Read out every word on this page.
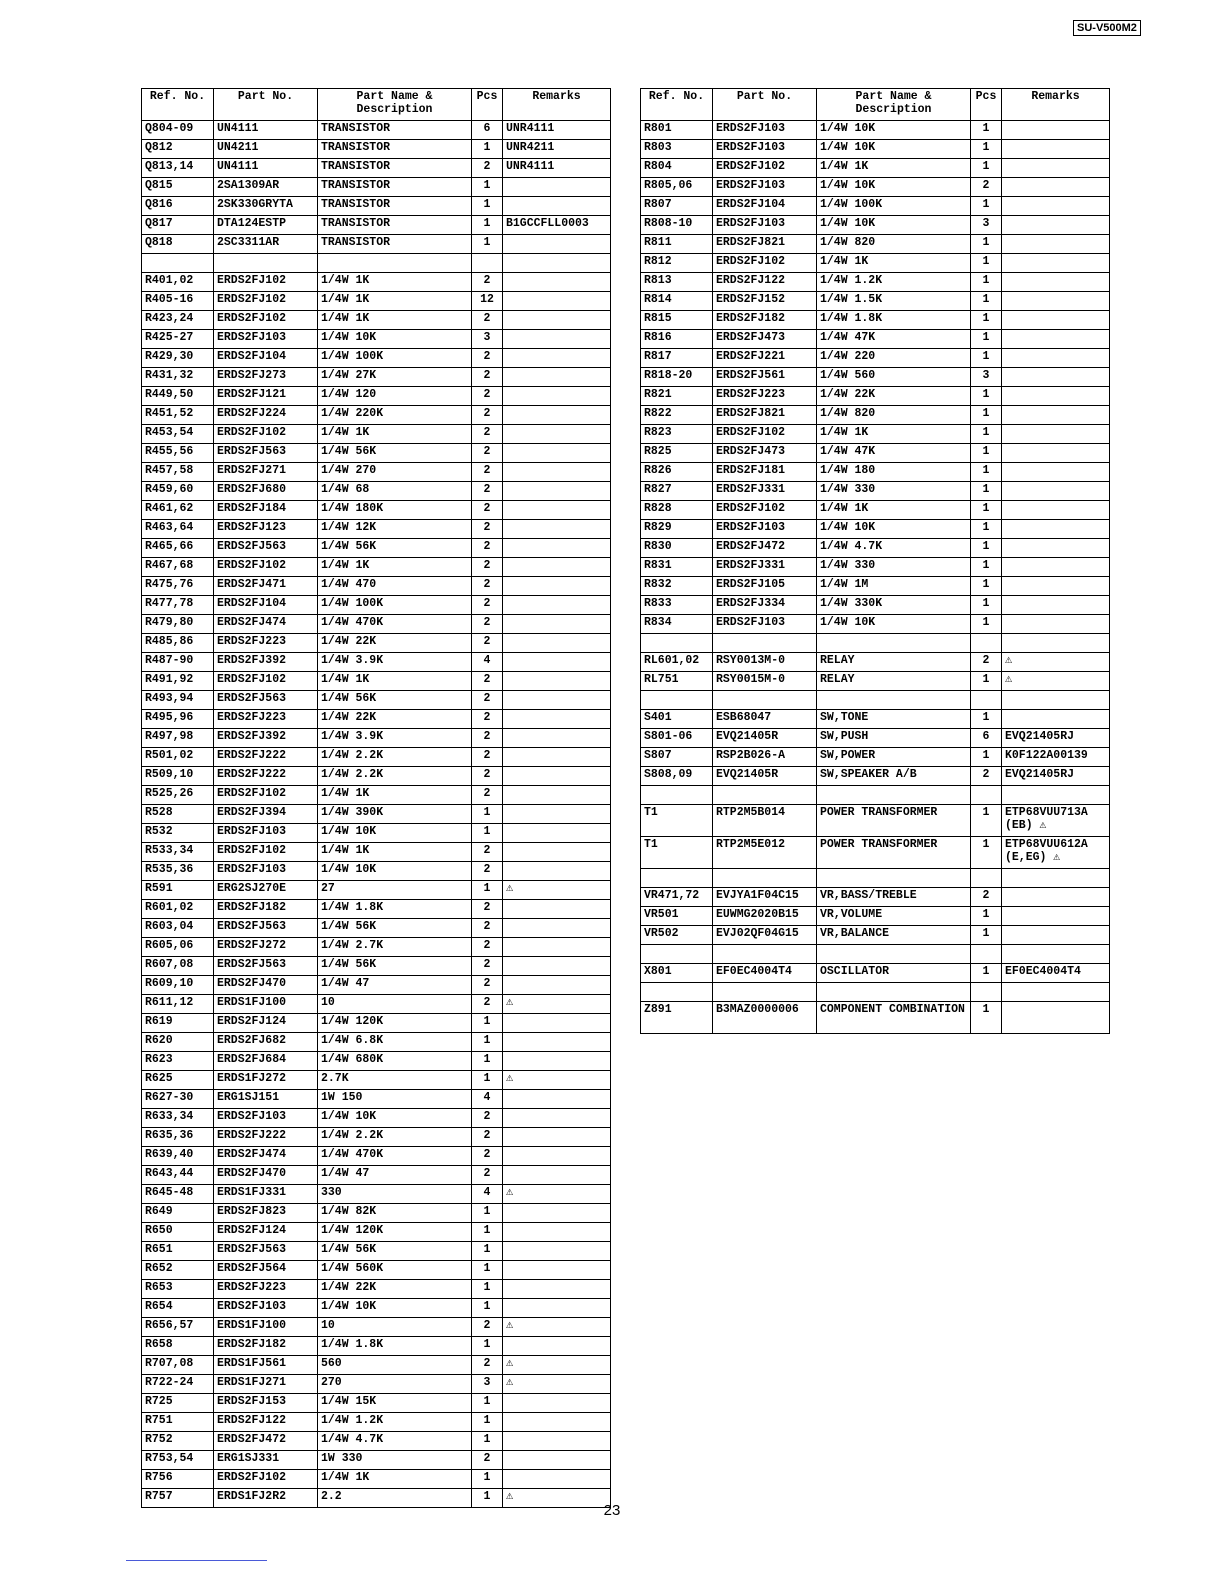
SU-V500M2
Ref. No.	Part No.	Part Name & Description	Pcs	Remarks
Q804-09	UN4111	TRANSISTOR	6	UNR4111
Q812	UN4211	TRANSISTOR	1	UNR4211
Q813,14	UN4111	TRANSISTOR	2	UNR4111
Q815	2SA1309AR	TRANSISTOR	1	
Q816	2SK330GRYTA	TRANSISTOR	1	
Q817	DTA124ESTP	TRANSISTOR	1	B1GCCFLL0003
Q818	2SC3311AR	TRANSISTOR	1	

R401,02	ERDS2FJ102	1/4W 1K	2	
R405-16	ERDS2FJ102	1/4W 1K	12	
R423,24	ERDS2FJ102	1/4W 1K	2	
R425-27	ERDS2FJ103	1/4W 10K	3	
R429,30	ERDS2FJ104	1/4W 100K	2	
R431,32	ERDS2FJ273	1/4W 27K	2	
R449,50	ERDS2FJ121	1/4W 120	2	
R451,52	ERDS2FJ224	1/4W 220K	2	
R453,54	ERDS2FJ102	1/4W 1K	2	
R455,56	ERDS2FJ563	1/4W 56K	2	
R457,58	ERDS2FJ271	1/4W 270	2	
R459,60	ERDS2FJ680	1/4W 68	2	
R461,62	ERDS2FJ184	1/4W 180K	2	
R463,64	ERDS2FJ123	1/4W 12K	2	
R465,66	ERDS2FJ563	1/4W 56K	2	
R467,68	ERDS2FJ102	1/4W 1K	2	
R475,76	ERDS2FJ471	1/4W 470	2	
R477,78	ERDS2FJ104	1/4W 100K	2	
R479,80	ERDS2FJ474	1/4W 470K	2	
R485,86	ERDS2FJ223	1/4W 22K	2	
R487-90	ERDS2FJ392	1/4W 3.9K	4	
R491,92	ERDS2FJ102	1/4W 1K	2	
R493,94	ERDS2FJ563	1/4W 56K	2	
R495,96	ERDS2FJ223	1/4W 22K	2	
R497,98	ERDS2FJ392	1/4W 3.9K	2	
R501,02	ERDS2FJ222	1/4W 2.2K	2	
R509,10	ERDS2FJ222	1/4W 2.2K	2	
R525,26	ERDS2FJ102	1/4W 1K	2	
R528	ERDS2FJ394	1/4W 390K	1	
R532	ERDS2FJ103	1/4W 10K	1	
R533,34	ERDS2FJ102	1/4W 1K	2	
R535,36	ERDS2FJ103	1/4W 10K	2	
R591	ERG2SJ270E	27	1	⚠
R601,02	ERDS2FJ182	1/4W 1.8K	2	
R603,04	ERDS2FJ563	1/4W 56K	2	
R605,06	ERDS2FJ272	1/4W 2.7K	2	
R607,08	ERDS2FJ563	1/4W 56K	2	
R609,10	ERDS2FJ470	1/4W 47	2	
R611,12	ERDS1FJ100	10	2	⚠
R619	ERDS2FJ124	1/4W 120K	1	
R620	ERDS2FJ682	1/4W 6.8K	1	
R623	ERDS2FJ684	1/4W 680K	1	
R625	ERDS1FJ272	2.7K	1	⚠
R627-30	ERG1SJ151	1W 150	4	
R633,34	ERDS2FJ103	1/4W 10K	2	
R635,36	ERDS2FJ222	1/4W 2.2K	2	
R639,40	ERDS2FJ474	1/4W 470K	2	
R643,44	ERDS2FJ470	1/4W 47	2	
R645-48	ERDS1FJ331	330	4	⚠
R649	ERDS2FJ823	1/4W 82K	1	
R650	ERDS2FJ124	1/4W 120K	1	
R651	ERDS2FJ563	1/4W 56K	1	
R652	ERDS2FJ564	1/4W 560K	1	
R653	ERDS2FJ223	1/4W 22K	1	
R654	ERDS2FJ103	1/4W 10K	1	
R656,57	ERDS1FJ100	10	2	⚠
R658	ERDS2FJ182	1/4W 1.8K	1	
R707,08	ERDS1FJ561	560	2	⚠
R722-24	ERDS1FJ271	270	3	⚠
R725	ERDS2FJ153	1/4W 15K	1	
R751	ERDS2FJ122	1/4W 1.2K	1	
R752	ERDS2FJ472	1/4W 4.7K	1	
R753,54	ERG1SJ331	1W 330	2	
R756	ERDS2FJ102	1/4W 1K	1	
R757	ERDS1FJ2R2	2.2	1	⚠
Ref. No.	Part No.	Part Name & Description	Pcs	Remarks
R801	ERDS2FJ103	1/4W 10K	1	
R803	ERDS2FJ103	1/4W 10K	1	
R804	ERDS2FJ102	1/4W 1K	1	
R805,06	ERDS2FJ103	1/4W 10K	2	
R807	ERDS2FJ104	1/4W 100K	1	
R808-10	ERDS2FJ103	1/4W 10K	3	
R811	ERDS2FJ821	1/4W 820	1	
R812	ERDS2FJ102	1/4W 1K	1	
R813	ERDS2FJ122	1/4W 1.2K	1	
R814	ERDS2FJ152	1/4W 1.5K	1	
R815	ERDS2FJ182	1/4W 1.8K	1	
R816	ERDS2FJ473	1/4W 47K	1	
R817	ERDS2FJ221	1/4W 220	1	
R818-20	ERDS2FJ561	1/4W 560	3	
R821	ERDS2FJ223	1/4W 22K	1	
R822	ERDS2FJ821	1/4W 820	1	
R823	ERDS2FJ102	1/4W 1K	1	
R825	ERDS2FJ473	1/4W 47K	1	
R826	ERDS2FJ181	1/4W 180	1	
R827	ERDS2FJ331	1/4W 330	1	
R828	ERDS2FJ102	1/4W 1K	1	
R829	ERDS2FJ103	1/4W 10K	1	
R830	ERDS2FJ472	1/4W 4.7K	1	
R831	ERDS2FJ331	1/4W 330	1	
R832	ERDS2FJ105	1/4W 1M	1	
R833	ERDS2FJ334	1/4W 330K	1	
R834	ERDS2FJ103	1/4W 10K	1	

RL601,02	RSY0013M-0	RELAY	2	⚠
RL751	RSY0015M-0	RELAY	1	⚠

S401	ESB68047	SW,TONE	1	
S801-06	EVQ21405R	SW,PUSH	6	EVQ21405RJ
S807	RSP2B026-A	SW,POWER	1	K0F122A00139
S808,09	EVQ21405R	SW,SPEAKER A/B	2	EVQ21405RJ

T1	RTP2M5B014	POWER TRANSFORMER	1	ETP68VUU713A (EB) ⚠
T1	RTP2M5E012	POWER TRANSFORMER	1	ETP68VUU612A (E,EG) ⚠

VR471,72	EVJYA1F04C15	VR,BASS/TREBLE	2	
VR501	EUWMG2020B15	VR,VOLUME	1	
VR502	EVJ02QF04G15	VR,BALANCE	1	

X801	EF0EC4004T4	OSCILLATOR	1	EF0EC4004T4

Z891	B3MAZ0000006	COMPONENT COMBINATION	1	
23
